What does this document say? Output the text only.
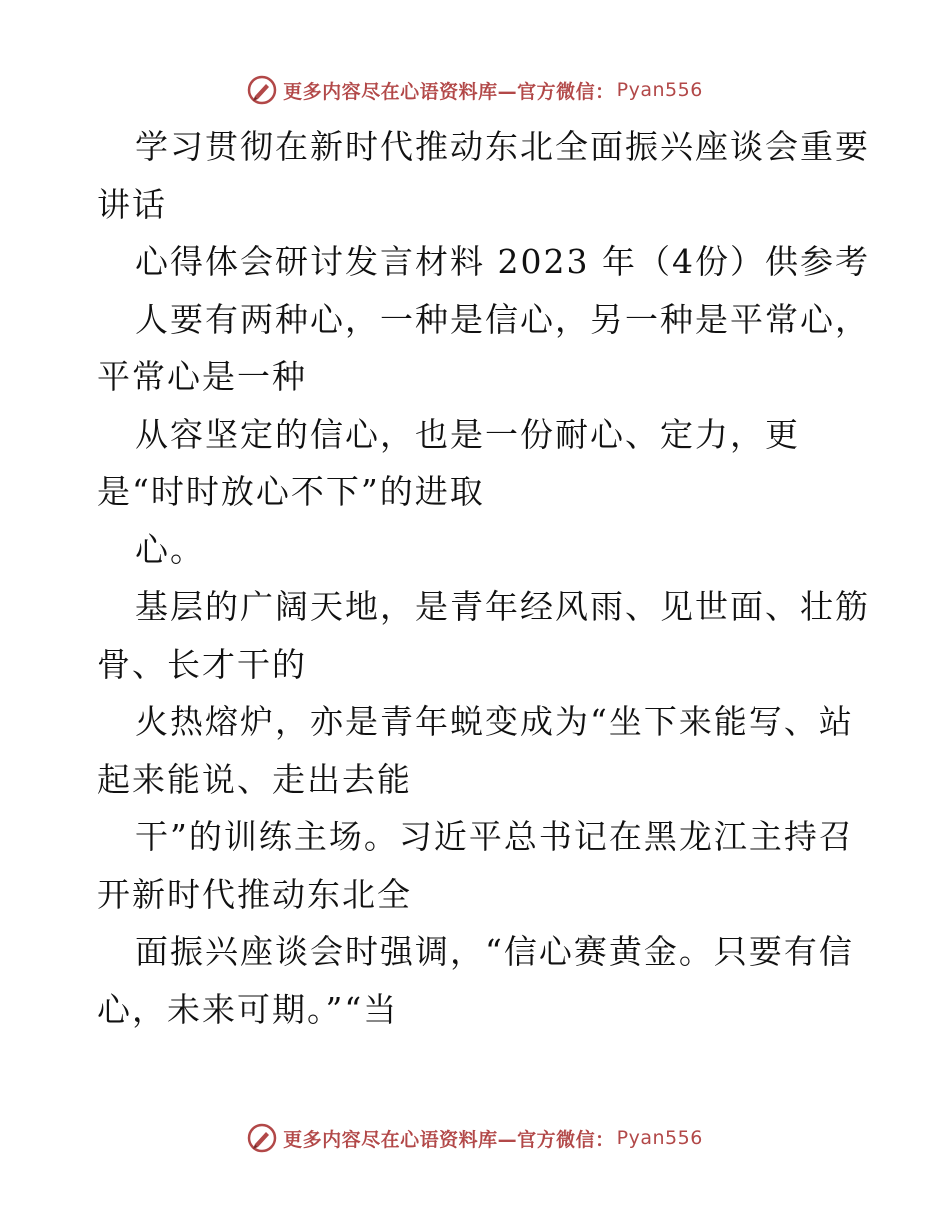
更多内容尽在心语资料库—官方微信： Pyan556
学习贯彻在新时代推动东北全面振兴座谈会重要
讲话
心得体会研讨发言材料 2023 年（4份）供参考
人要有两种心，一种是信心，另一种是平常心，
平常心是一种
从容坚定的信心，也是一份耐心、定力，更
是“时时放心不下”的进取
心。
基层的广阔天地，是青年经风雨、见世面、壮筋
骨、长才干的
火热熔炉，亦是青年蜕变成为“坐下来能写、站
起来能说、走出去能
干”的训练主场。习近平总书记在黑龙江主持召
开新时代推动东北全
面振兴座谈会时强调，“信心赛黄金。只要有信
心，未来可期。”“当
更多内容尽在心语资料库—官方微信： Pyan556
